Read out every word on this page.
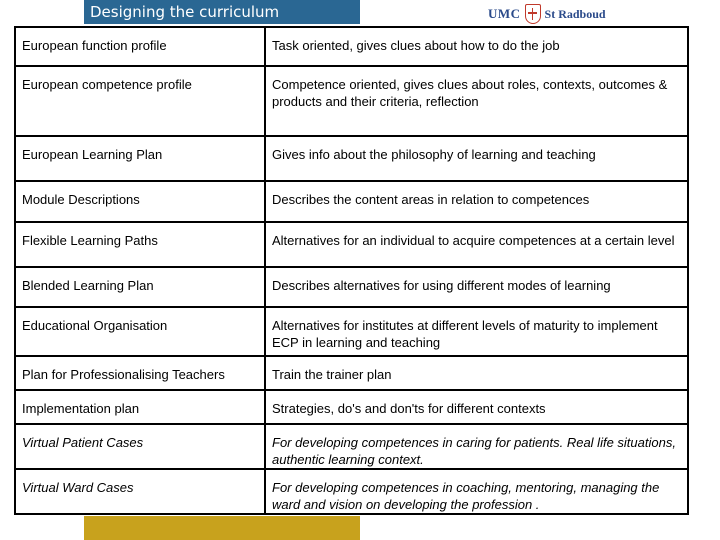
Designing the curriculum	UMC St Radboud
European function profile	Task oriented, gives clues about how to do the job
European competence profile	Competence oriented, gives clues about roles, contexts, outcomes & products and their criteria, reflection
European Learning Plan	Gives info about the philosophy of learning and teaching
Module Descriptions	Describes the content areas in relation to competences
Flexible Learning Paths	Alternatives for an individual to acquire competences at a certain level
Blended Learning Plan	Describes alternatives for using different modes of learning
Educational Organisation	Alternatives for institutes at different levels of maturity to implement ECP in learning and teaching
Plan for Professionalising Teachers	Train the trainer plan
Implementation plan	Strategies, do's and don'ts for different contexts
Virtual Patient Cases	For developing competences in caring for patients. Real life situations, authentic learning context.
Virtual Ward Cases	For developing competences in coaching, mentoring, managing the ward and vision on developing the profession .
